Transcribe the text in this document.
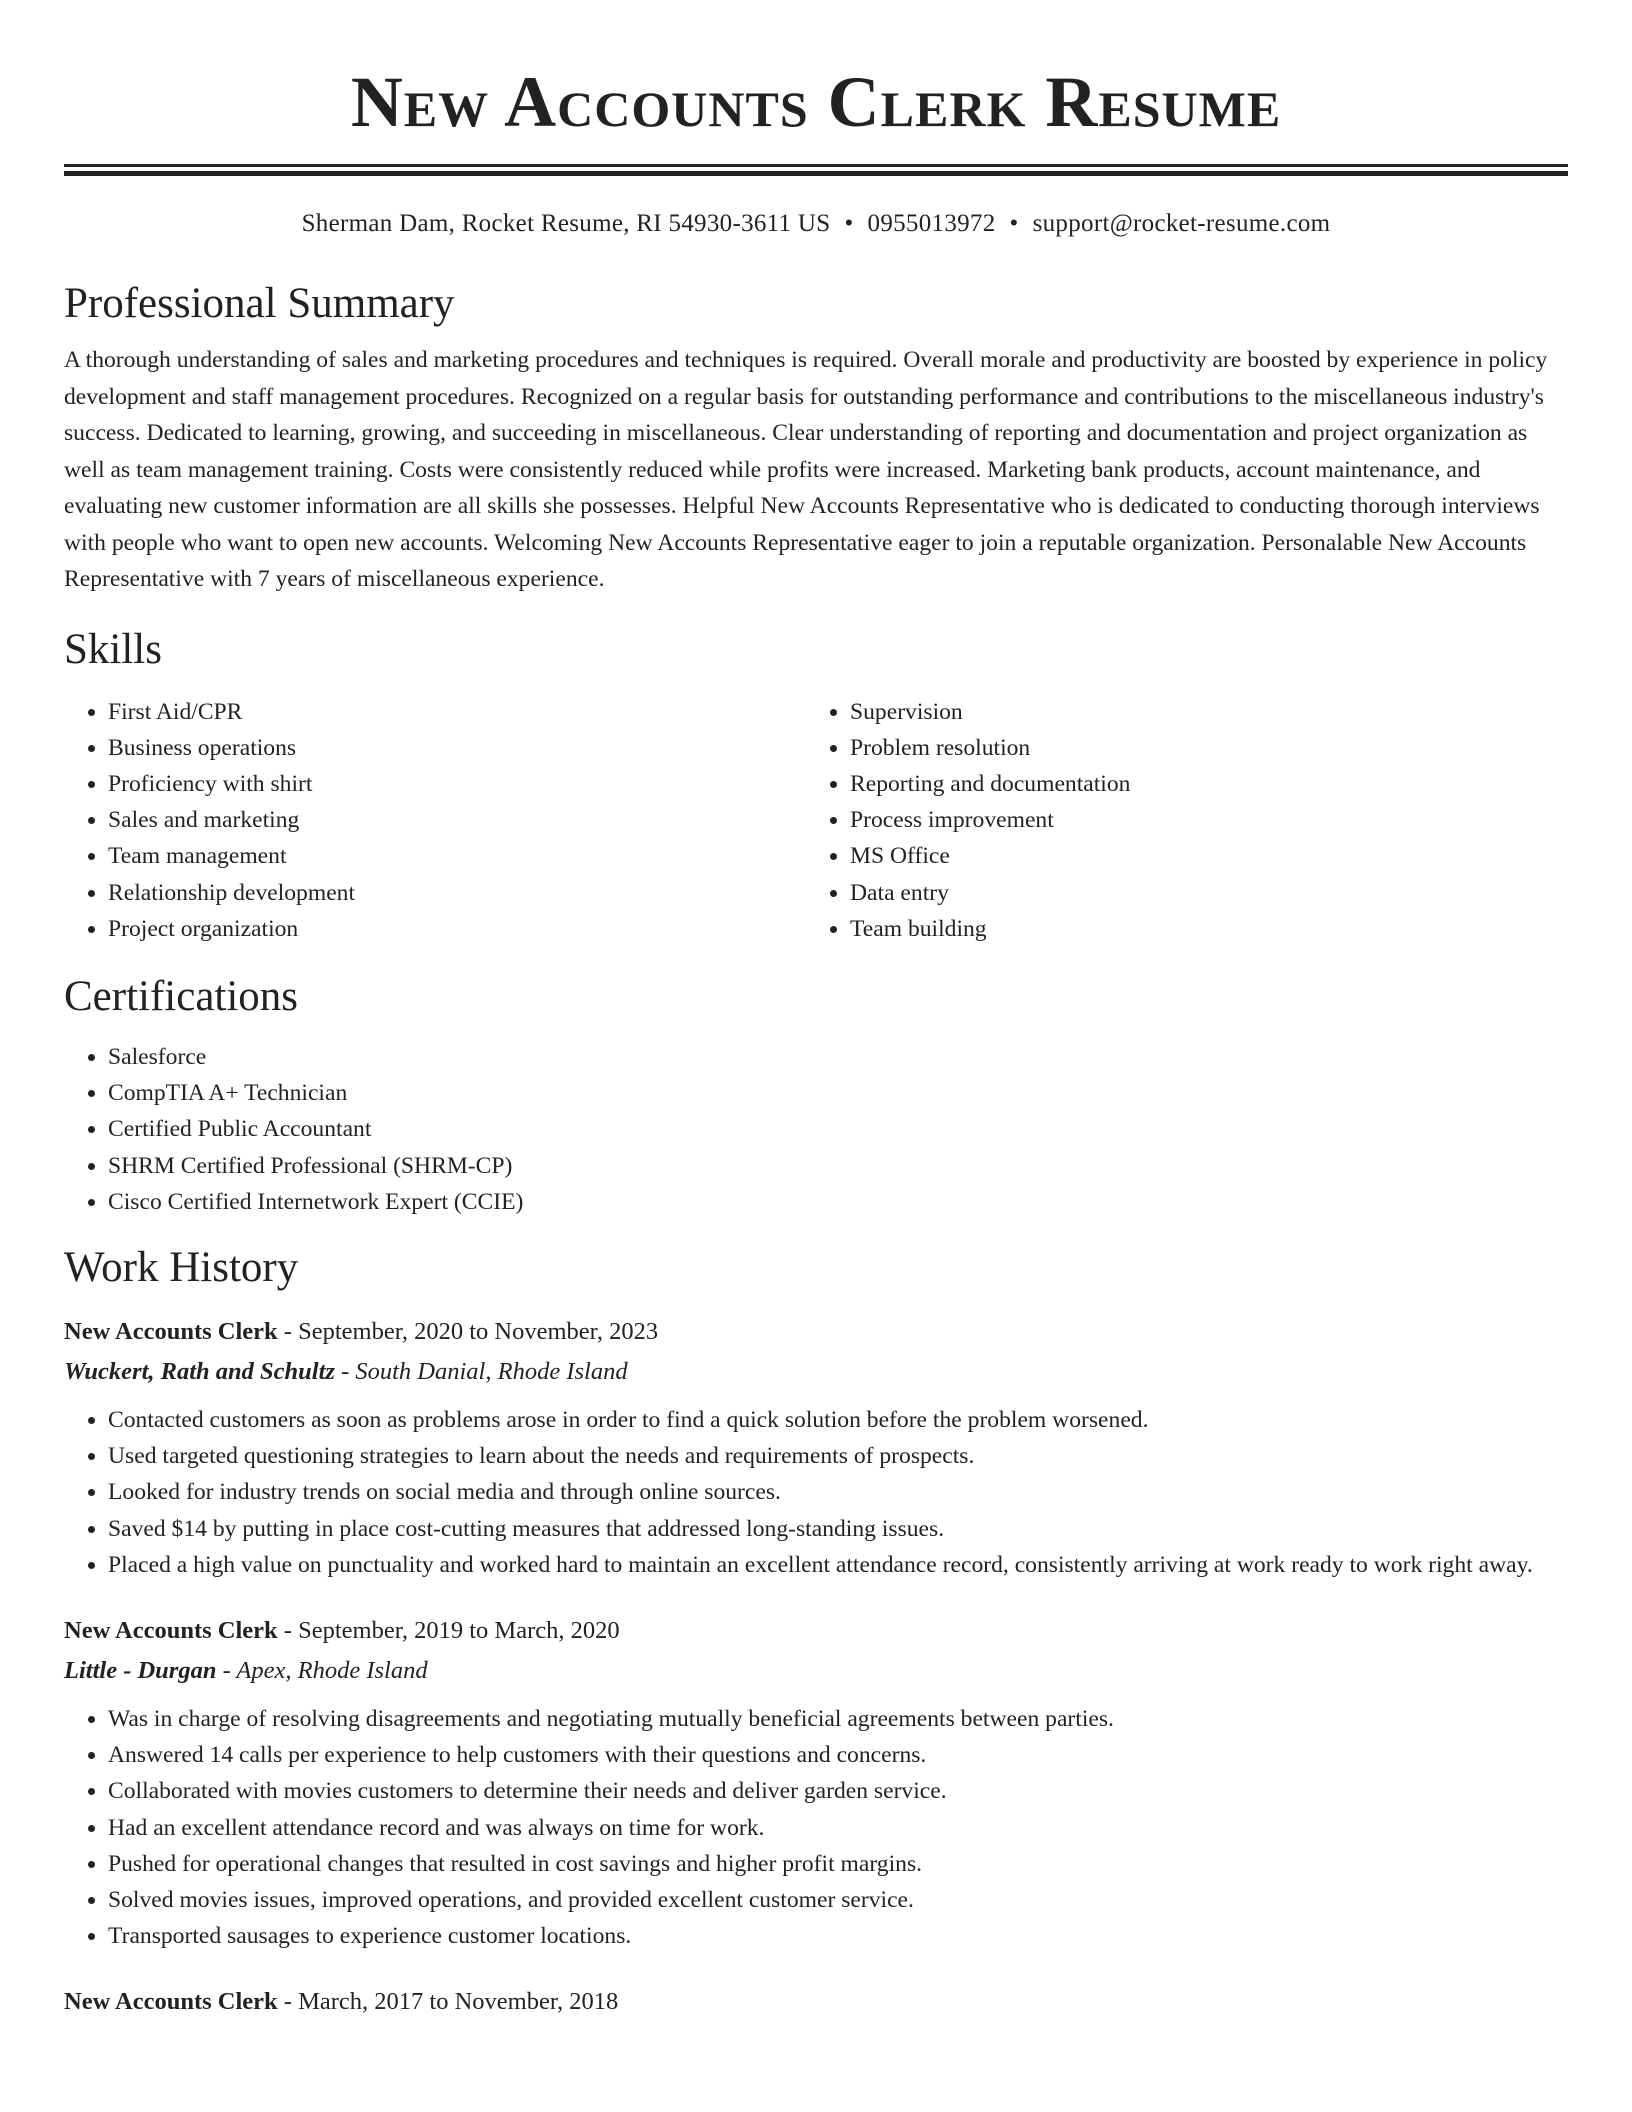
New Accounts Clerk Resume
Sherman Dam, Rocket Resume, RI 54930-3611 US • 0955013972 • support@rocket-resume.com
Professional Summary

A thorough understanding of sales and marketing procedures and techniques is required. Overall morale and productivity are boosted by experience in policy development and staff management procedures. Recognized on a regular basis for outstanding performance and contributions to the miscellaneous industry's success. Dedicated to learning, growing, and succeeding in miscellaneous. Clear understanding of reporting and documentation and project organization as well as team management training. Costs were consistently reduced while profits were increased. Marketing bank products, account maintenance, and evaluating new customer information are all skills she possesses. Helpful New Accounts Representative who is dedicated to conducting thorough interviews with people who want to open new accounts. Welcoming New Accounts Representative eager to join a reputable organization. Personalable New Accounts Representative with 7 years of miscellaneous experience.

Skills
• First Aid/CPR
• Business operations
• Proficiency with shirt
• Sales and marketing
• Team management
• Relationship development
• Project organization
• Supervision
• Problem resolution
• Reporting and documentation
• Process improvement
• MS Office
• Data entry
• Team building
Certifications
• Salesforce
• CompTIA A+ Technician
• Certified Public Accountant
• SHRM Certified Professional (SHRM-CP)
• Cisco Certified Internetwork Expert (CCIE)
Work History
New Accounts Clerk - September, 2020 to November, 2023
Wuckert, Rath and Schultz - South Danial, Rhode Island
• Contacted customers as soon as problems arose in order to find a quick solution before the problem worsened.
• Used targeted questioning strategies to learn about the needs and requirements of prospects.
• Looked for industry trends on social media and through online sources.
• Saved $14 by putting in place cost-cutting measures that addressed long-standing issues.
• Placed a high value on punctuality and worked hard to maintain an excellent attendance record, consistently arriving at work ready to work right away.
New Accounts Clerk - September, 2019 to March, 2020
Little - Durgan - Apex, Rhode Island
• Was in charge of resolving disagreements and negotiating mutually beneficial agreements between parties.
• Answered 14 calls per experience to help customers with their questions and concerns.
• Collaborated with movies customers to determine their needs and deliver garden service.
• Had an excellent attendance record and was always on time for work.
• Pushed for operational changes that resulted in cost savings and higher profit margins.
• Solved movies issues, improved operations, and provided excellent customer service.
• Transported sausages to experience customer locations.
New Accounts Clerk - March, 2017 to November, 2018
